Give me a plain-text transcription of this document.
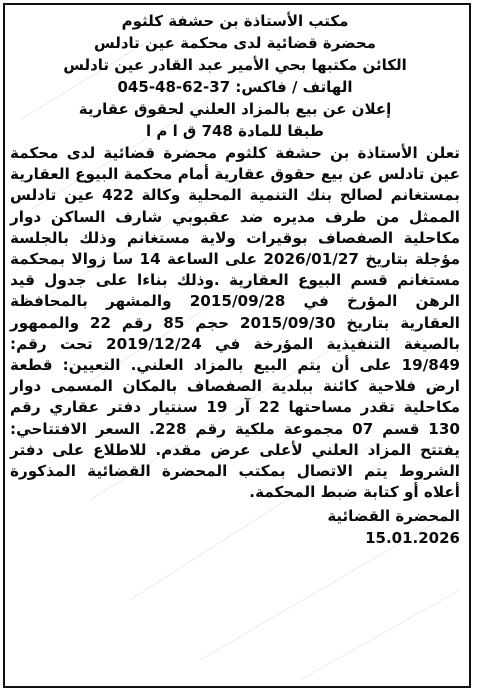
مكتب الأستاذة بن حشفة كلثوم
محضرة قضائية لدى محكمة عين تادلس
الكائن مكتبها بحي الأمير عبد القادر عين تادلس
الهاتف / فاكس: 37-62-48-045
إعلان عن بيع بالمزاد العلني لحقوق عقارية
طبقا للمادة 748 ق ا م ا
تعلن الأستاذة بن حشفة كلثوم محضرة قضائية لدى محكمة عين تادلس عن بيع حقوق عقارية أمام محكمة البيوع العقارية بمستغانم لصالح بنك التنمية المحلية وكالة 422 عين تادلس الممثل من طرف مديره ضد عقبوبي شارف الساكن دوار مكاحلية الصفصاف بوقيرات ولاية مستغانم وذلك بالجلسة مؤجلة بتاريخ 2026/01/27 على الساعة 14 سا زوالا بمحكمة مستغانم قسم البيوع العقارية .وذلك بناءا على جدول قيد الرهن المؤرخ في 2015/09/28 والمشهر بالمحافظة العقارية بتاريخ 2015/09/30 حجم 85 رقم 22 والممهور بالصيغة التنفيذية المؤرخة في 2019/12/24 تحت رقم: 19/849 على أن يتم البيع بالمزاد العلني. التعيين: قطعة ارض فلاحية كائنة ببلدية الصفصاف بالمكان المسمى دوار مكاحلية تقدر مساحتها 22 آر 19 سنتيار دفتر عقاري رقم 130 قسم 07 مجموعة ملكية رقم 228. السعر الافتتاحي: يفتتح المزاد العلني لأعلى عرض مقدم. للاطلاع على دفتر الشروط يتم الاتصال بمكتب المحضرة القضائية المذكورة أعلاه أو كتابة ضبط المحكمة.
المحضرة القضائية
15.01.2026
